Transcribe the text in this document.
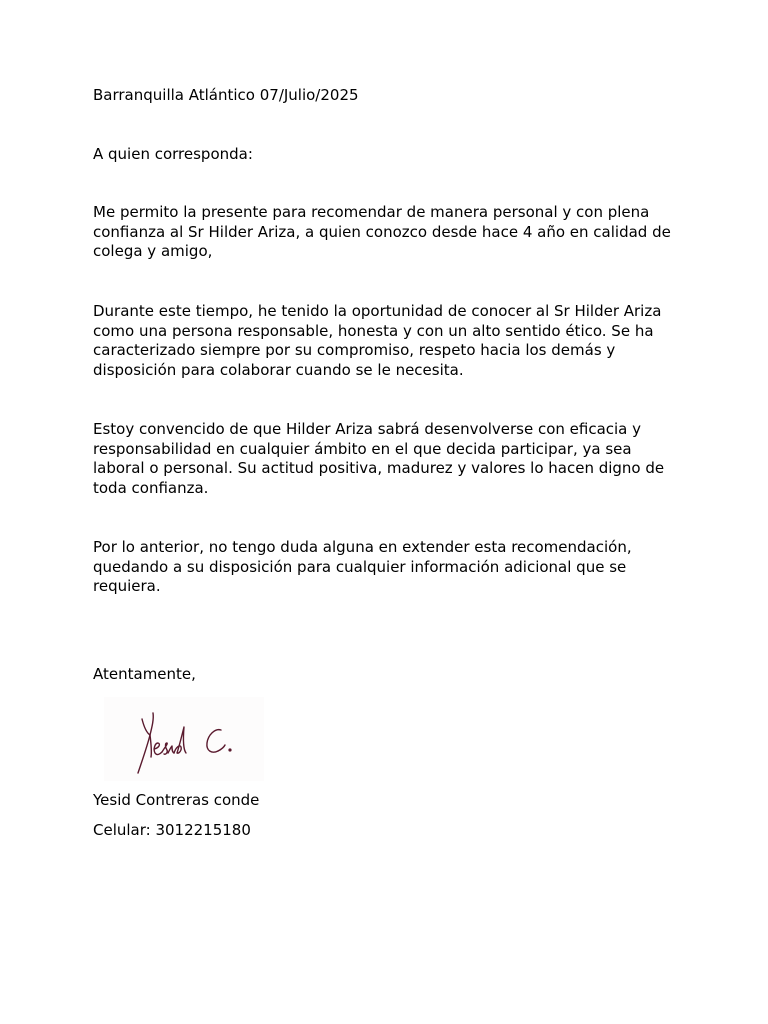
Barranquilla Atlántico 07/Julio/2025

A quien corresponda:

Me permito la presente para recomendar de manera personal y con plena confianza al Sr Hilder Ariza, a quien conozco desde hace 4 año en calidad de colega y amigo,

Durante este tiempo, he tenido la oportunidad de conocer al Sr Hilder Ariza como una persona responsable, honesta y con un alto sentido ético. Se ha caracterizado siempre por su compromiso, respeto hacia los demás y disposición para colaborar cuando se le necesita.

Estoy convencido de que Hilder Ariza sabrá desenvolverse con eficacia y responsabilidad en cualquier ámbito en el que decida participar, ya sea laboral o personal. Su actitud positiva, madurez y valores lo hacen digno de toda confianza.

Por lo anterior, no tengo duda alguna en extender esta recomendación, quedando a su disposición para cualquier información adicional que se requiera.

Atentamente,

Yesid Contreras conde

Celular: 3012215180
